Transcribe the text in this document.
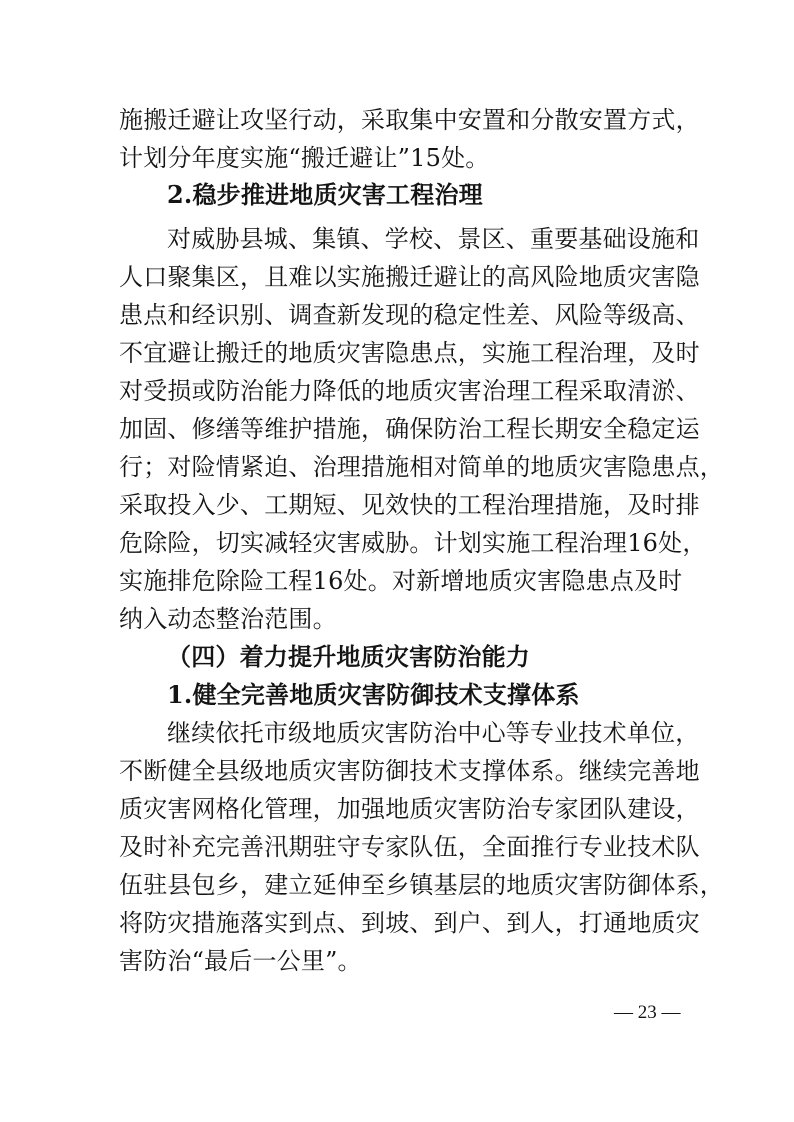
施搬迁避让攻坚行动，采取集中安置和分散安置方式，
计划分年度实施“搬迁避让”15处。
2.稳步推进地质灾害工程治理
对威胁县城、集镇、学校、景区、重要基础设施和
人口聚集区，且难以实施搬迁避让的高风险地质灾害隐
患点和经识别、调查新发现的稳定性差、风险等级高、
不宜避让搬迁的地质灾害隐患点，实施工程治理，及时
对受损或防治能力降低的地质灾害治理工程采取清淤、
加固、修缮等维护措施，确保防治工程长期安全稳定运
行；对险情紧迫、治理措施相对简单的地质灾害隐患点，
采取投入少、工期短、见效快的工程治理措施，及时排
危除险，切实减轻灾害威胁。计划实施工程治理16处，
实施排危除险工程16处。对新增地质灾害隐患点及时
纳入动态整治范围。
（四）着力提升地质灾害防治能力
1.健全完善地质灾害防御技术支撑体系
继续依托市级地质灾害防治中心等专业技术单位，
不断健全县级地质灾害防御技术支撑体系。继续完善地
质灾害网格化管理，加强地质灾害防治专家团队建设，
及时补充完善汛期驻守专家队伍，全面推行专业技术队
伍驻县包乡，建立延伸至乡镇基层的地质灾害防御体系，
将防灾措施落实到点、到坡、到户、到人，打通地质灾
害防治“最后一公里”。
— 23 —
